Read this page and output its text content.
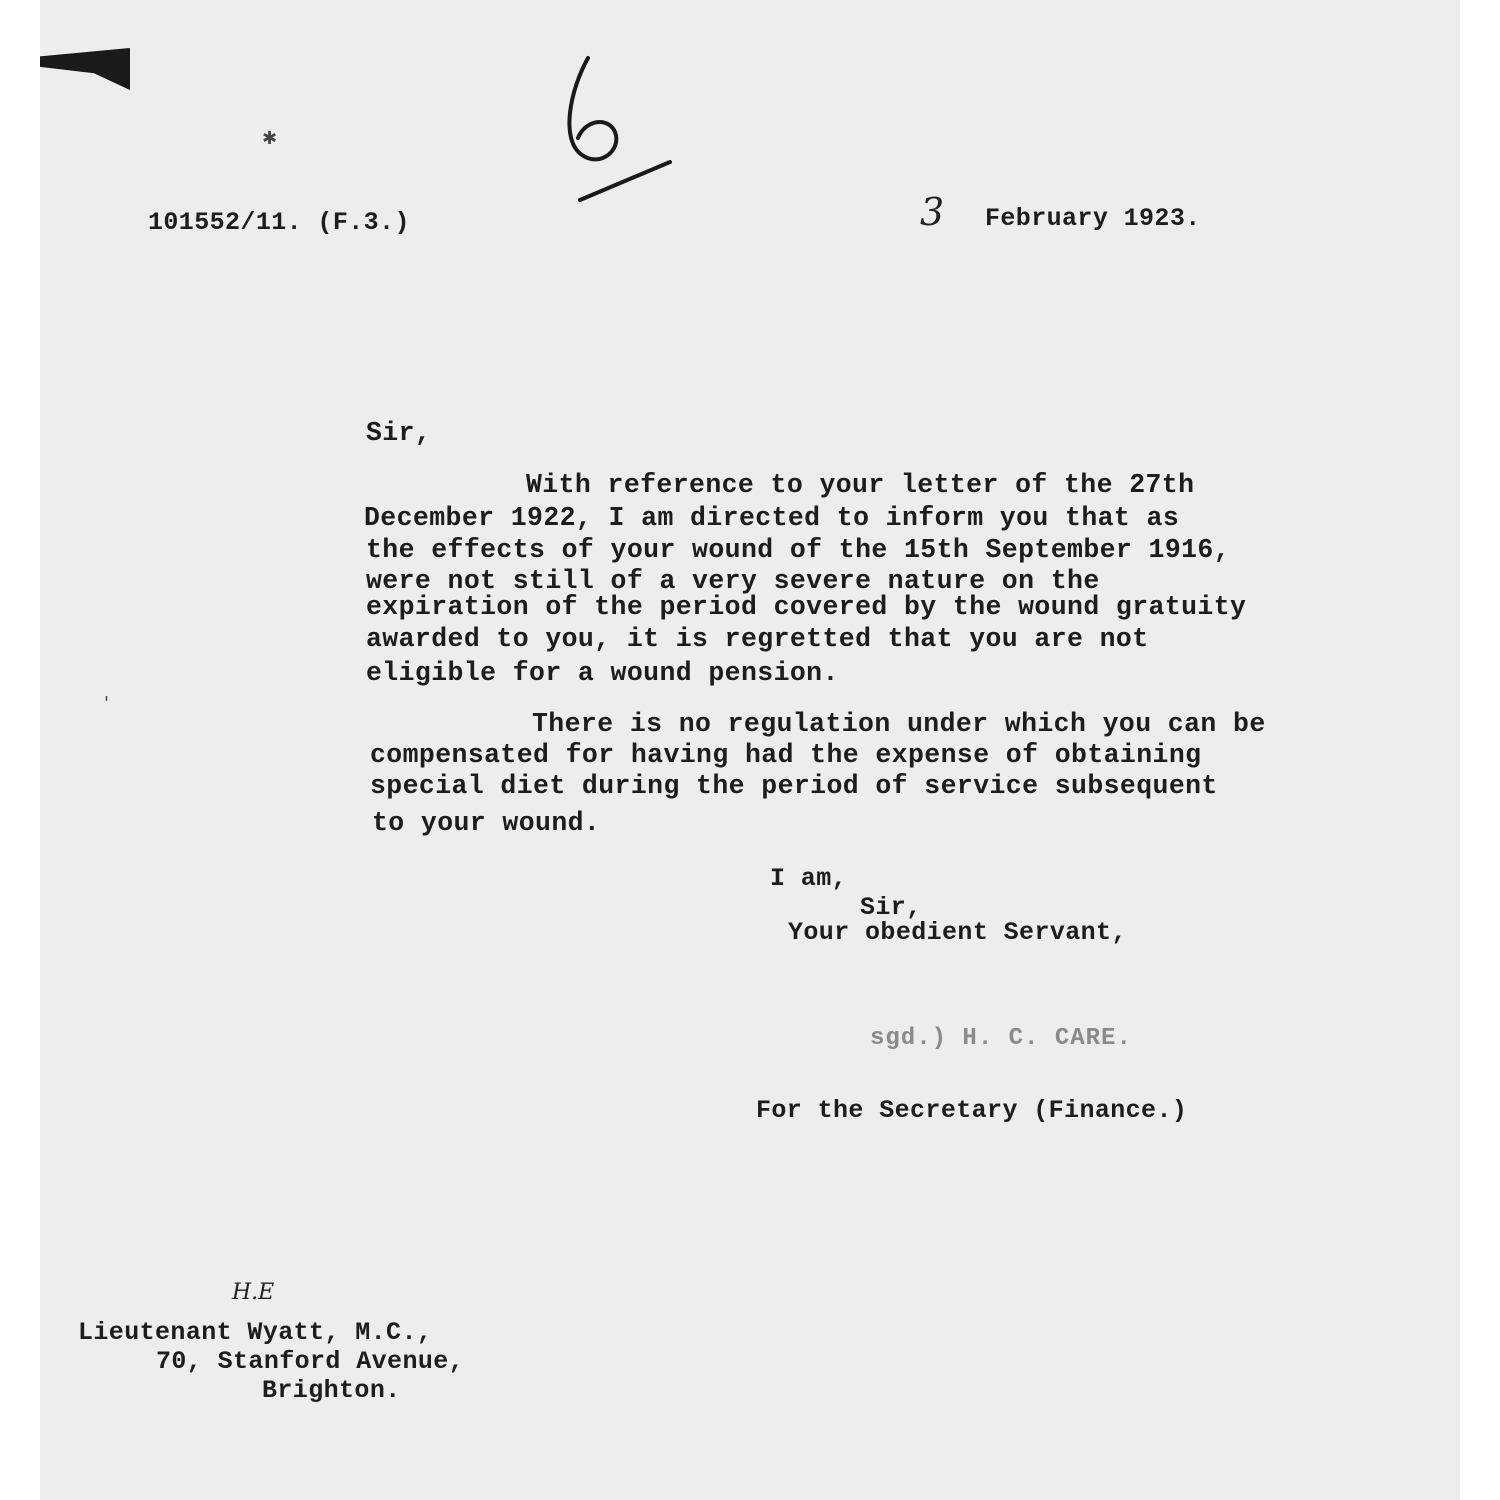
✱
'
101552/11. (F.3.)	3 February 1923.
Sir,
With reference to your letter of the 27th
December 1922, I am directed to inform you that as
the effects of your wound of the 15th September 1916,
were not still of a very severe nature on the
expiration of the period covered by the wound gratuity
awarded to you, it is regretted that you are not
eligible for a wound pension.
There is no regulation under which you can be
compensated for having had the expense of obtaining
special diet during the period of service subsequent
to your wound.
I am,
Sir,
Your obedient Servant,
sgd.) H. C. CARE.
For the Secretary (Finance.)
H.E
Lieutenant Wyatt, M.C.,
70, Stanford Avenue,
Brighton.
